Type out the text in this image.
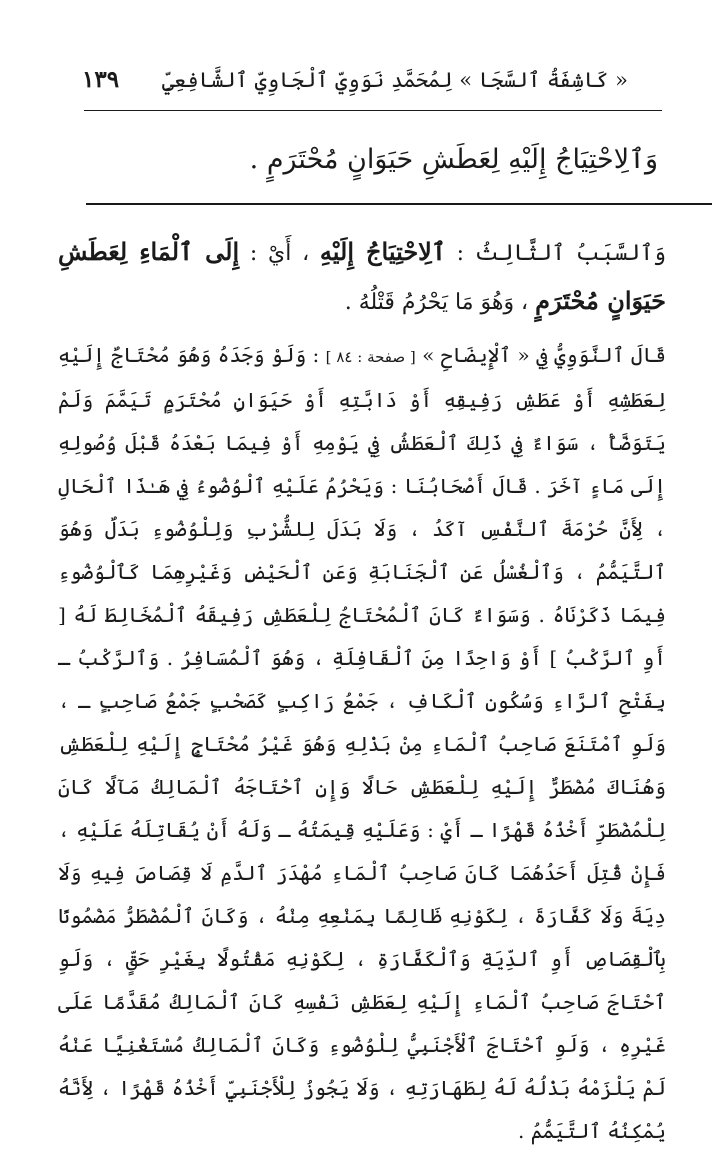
« كَاشِفَةُ ٱلسَّجَا » لِمُحَمَّدِ نَوَوِيِّ ٱلْجَاوِيِّ ٱلشَّافِعِيِّ
١٣٩
وَٱلِاحْتِيَاجُ إِلَيْهِ لِعَطَشِ حَيَوَانٍ مُحْتَرَمٍ .

وَٱلسَّبَبُ ٱلثَّالِثُ : ٱلِاحْتِيَاجُ إِلَيْهِ ، أَيْ : إِلَى ٱلْمَاءِ لِعَطَشِ حَيَوَانٍ مُحْتَرَمٍ ، وَهُوَ مَا يَحْرُمُ قَتْلُهُ .

قَالَ ٱلنَّوَوِيُّ فِي « ٱلْإِيضَاحِ » [ صفحة : ٨٤ ] : وَلَوْ وَجَدَهُ وَهُوَ مُحْتَاجٌ إِلَيْهِ لِعَطَشِهِ أَوْ عَطَشِ رَفِيقِهِ أَوْ دَابَّتِهِ أَوْ حَيَوَانٍ مُحْتَرَمٍ تَيَمَّمَ وَلَمْ يَتَوَضَّأْ ، سَوَاءٌ فِي ذَلِكَ ٱلْعَطَشُ فِي يَوْمِهِ أَوْ فِيمَا بَعْدَهُ قَبْلَ وُصُولِهِ إِلَى مَاءٍ آخَرَ . قَالَ أَصْحَابُنَا : وَيَحْرُمُ عَلَيْهِ ٱلْوُضُوءُ فِي هَـٰذَا ٱلْحَالِ ، لِأَنَّ حُرْمَةَ ٱلنَّفْسِ آكَدُ ، وَلَا بَدَلَ لِلشُّرْبِ وَلِلْوُضُوءِ بَدَلٌ وَهُوَ ٱلتَّيَمُّمُ ، وَٱلْغُسْلُ عَنِ ٱلْجَنَابَةِ وَعَنِ ٱلْحَيْضِ وَغَيْرِهِمَا كَٱلْوُضُوءِ فِيمَا ذَكَرْنَاهُ . وَسَوَاءٌ كَانَ ٱلْمُحْتَاجُ لِلْعَطَشِ رَفِيقَهُ ٱلْمُخَالِطَ لَهُ [ أَوِ ٱلرَّكْبُ ] أَوْ وَاحِدًا مِنَ ٱلْقَافِلَةِ ، وَهُوَ ٱلْمُسَافِرُ . وَٱلرَّكْبُ ـ بِفَتْحِ ٱلرَّاءِ وَسُكُونِ ٱلْكَافِ ، جَمْعُ رَاكِبٍ كَصَحْبٍ جَمْعُ صَاحِبٍ ـ ، وَلَوِ ٱمْتَنَعَ صَاحِبُ ٱلْمَاءِ مِنْ بَذْلِهِ وَهُوَ غَيْرُ مُحْتَاجٍ إِلَيْهِ لِلْعَطَشِ وَهُنَاكَ مُضْطَرٌّ إِلَيْهِ لِلْعَطَشِ حَالًا وَإِنِ ٱحْتَاجَهُ ٱلْمَالِكُ مَآلًا كَانَ لِلْمُضْطَرِّ أَخْذُهُ قَهْرًا ـ أَيْ : وَعَلَيْهِ قِيمَتُهُ ـ وَلَهُ أَنْ يُقَاتِلَهُ عَلَيْهِ ، فَإِنْ قُتِلَ أَحَدُهُمَا كَانَ صَاحِبُ ٱلْمَاءِ مُهْدَرَ ٱلدَّمِ لَا قِصَاصَ فِيهِ وَلَا دِيَةَ وَلَا كَفَّارَةَ ، لِكَوْنِهِ ظَالِمًا بِمَنْعِهِ مِنْهُ ، وَكَانَ ٱلْمُضْطَرُّ مَضْمُونًا بِٱلْقِصَاصِ أَوِ ٱلدِّيَةِ وَٱلْكَفَّارَةِ ، لِكَوْنِهِ مَقْتُولًا بِغَيْرِ حَقٍّ ، وَلَوِ ٱحْتَاجَ صَاحِبُ ٱلْمَاءِ إِلَيْهِ لِعَطَشِ نَفْسِهِ كَانَ ٱلْمَالِكُ مُقَدَّمًا عَلَى غَيْرِهِ ، وَلَوِ ٱحْتَاجَ ٱلْأَجْنَبِيُّ لِلْوُضُوءِ وَكَانَ ٱلْمَالِكُ مُسْتَغْنِيًا عَنْهُ لَمْ يَلْزَمْهُ بَذْلُهُ لَهُ لِطَهَارَتِهِ ، وَلَا يَجُوزُ لِلْأَجْنَبِيِّ أَخْذُهُ قَهْرًا ، لِأَنَّهُ يُمْكِنُهُ ٱلتَّيَمُّمُ .
